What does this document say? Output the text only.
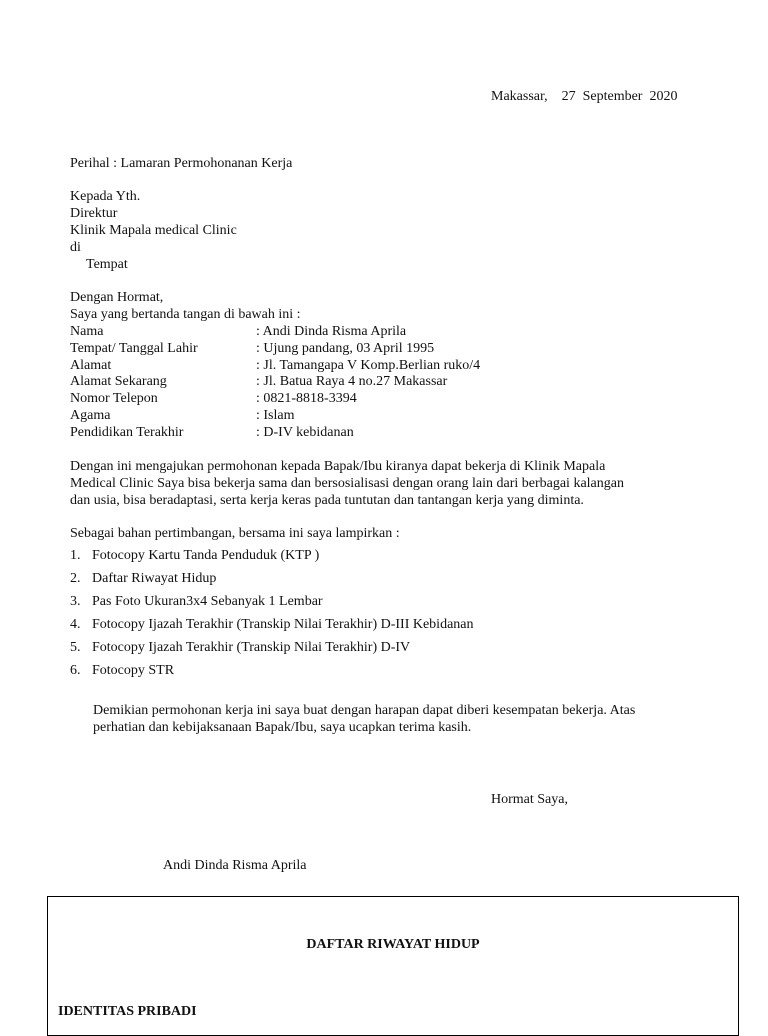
Makassar,    27  September  2020
Perihal : Lamaran Permohonanan Kerja
Kepada Yth.
Direktur
Klinik Mapala medical Clinic
di
Tempat
Dengan Hormat,
Saya yang bertanda tangan di bawah ini :
Nama	: Andi Dinda Risma Aprila
Tempat/ Tanggal Lahir	: Ujung pandang, 03 April 1995
Alamat	: Jl. Tamangapa V Komp.Berlian ruko/4
Alamat Sekarang	: Jl. Batua Raya 4 no.27 Makassar
Nomor Telepon	: 0821-8818-3394
Agama	: Islam
Pendidikan Terakhir	: D-IV kebidanan
Dengan ini mengajukan permohonan kepada Bapak/Ibu kiranya dapat bekerja di Klinik Mapala
Medical Clinic Saya bisa bekerja sama dan bersosialisasi dengan orang lain dari berbagai kalangan
dan usia, bisa beradaptasi, serta kerja keras pada tuntutan dan tantangan kerja yang diminta.
Sebagai bahan pertimbangan, bersama ini saya lampirkan :
1. Fotocopy Kartu Tanda Penduduk (KTP )
2. Daftar Riwayat Hidup
3. Pas Foto Ukuran3x4 Sebanyak 1 Lembar
4. Fotocopy Ijazah Terakhir (Transkip Nilai Terakhir) D-III Kebidanan
5. Fotocopy Ijazah Terakhir (Transkip Nilai Terakhir) D-IV
6. Fotocopy STR
Demikian permohonan kerja ini saya buat dengan harapan dapat diberi kesempatan bekerja. Atas
perhatian dan kebijaksanaan Bapak/Ibu, saya ucapkan terima kasih.
Hormat Saya,
Andi Dinda Risma Aprila
DAFTAR RIWAYAT HIDUP
IDENTITAS PRIBADI
